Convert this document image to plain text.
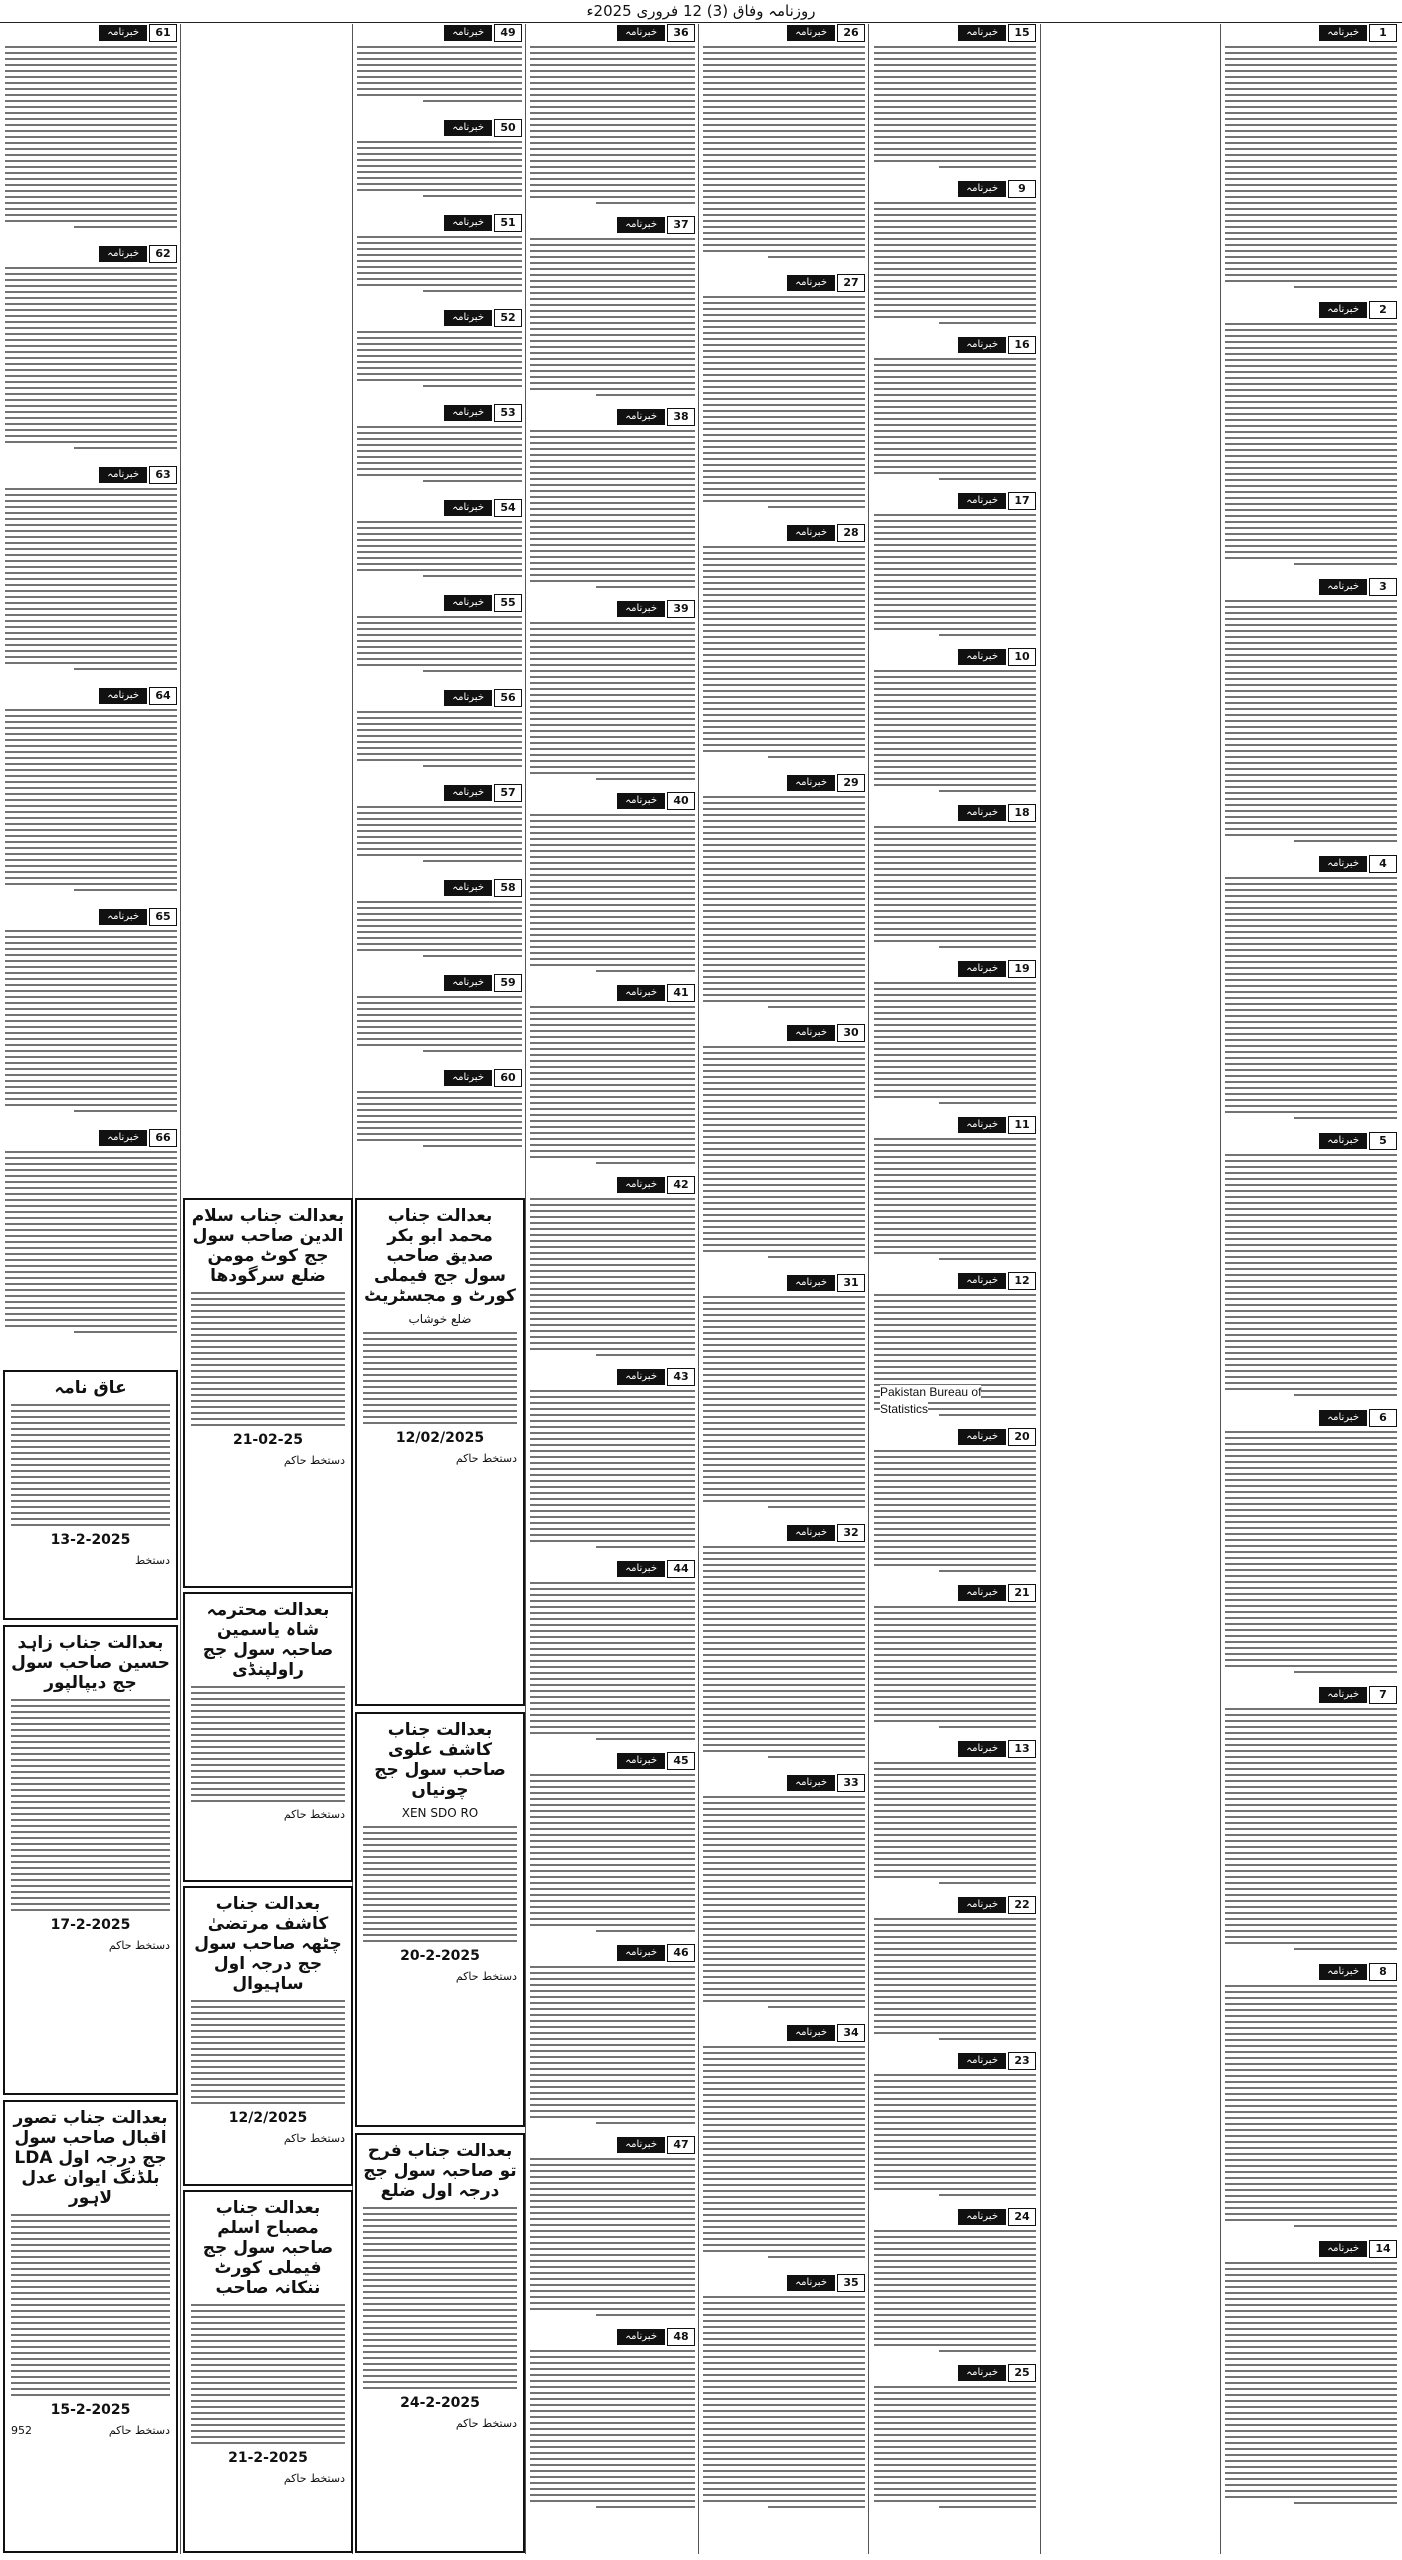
روزنامہ وفاق (3) 12 فروری 2025ء
1
خبرنامہ
2
خبرنامہ
3
خبرنامہ
4
خبرنامہ
5
خبرنامہ
6
خبرنامہ
7
خبرنامہ
8
خبرنامہ
14
خبرنامہ
15
خبرنامہ
9
خبرنامہ
16
خبرنامہ
17
خبرنامہ
10
خبرنامہ
18
خبرنامہ
19
خبرنامہ
11
خبرنامہ
12
خبرنامہ
20
خبرنامہ
21
خبرنامہ
13
خبرنامہ
22
خبرنامہ
23
خبرنامہ
24
خبرنامہ
25
خبرنامہ
26
خبرنامہ
27
خبرنامہ
28
خبرنامہ
29
خبرنامہ
30
خبرنامہ
31
خبرنامہ
32
خبرنامہ
33
خبرنامہ
34
خبرنامہ
35
خبرنامہ
36
خبرنامہ
37
خبرنامہ
38
خبرنامہ
39
خبرنامہ
40
خبرنامہ
41
خبرنامہ
42
خبرنامہ
43
خبرنامہ
44
خبرنامہ
45
خبرنامہ
46
خبرنامہ
47
خبرنامہ
48
خبرنامہ
49
خبرنامہ
50
خبرنامہ
51
خبرنامہ
52
خبرنامہ
53
خبرنامہ
54
خبرنامہ
55
خبرنامہ
56
خبرنامہ
57
خبرنامہ
58
خبرنامہ
59
خبرنامہ
60
خبرنامہ
61
خبرنامہ
62
خبرنامہ
63
خبرنامہ
64
خبرنامہ
65
خبرنامہ
66
خبرنامہ
Pakistan Bureau of
Statistics
بعدالت جناب محمد ابو بکر صدیق صاحب سول جج فیملی کورٹ و مجسٹریٹ
ضلع خوشاب
12/02/2025
دستخط حاکم
بعدالت جناب کاشف علوی صاحب سول جج چونیاں
XEN SDO RO
20-2-2025
دستخط حاکم
بعدالت جناب فرح تو صاحبہ سول جج درجہ اول ضلع
24-2-2025
دستخط حاکم
بعدالت جناب سلام الدین صاحب سول جج کوٹ مومن ضلع سرگودھا
21-02-25
دستخط حاکم
بعدالت محترمہ شاہ یاسمین صاحبہ سول جج راولپنڈی
دستخط حاکم
بعدالت جناب کاشف مرتضیٰ چٹھہ صاحب سول جج درجہ اول ساہیوال
12/2/2025
دستخط حاکم
بعدالت جناب مصباح اسلم صاحبہ سول جج فیملی کورٹ ننکانہ صاحب
21-2-2025
دستخط حاکم
عاق نامہ
13-2-2025
دستخط
بعدالت جناب زاہد حسین صاحب سول جج دیپالپور
17-2-2025
دستخط حاکم
بعدالت جناب تصور اقبال صاحب سول جج درجہ اول LDA بلڈنگ ایوان عدل لاہور
15-2-2025
دستخط حاکم
952
